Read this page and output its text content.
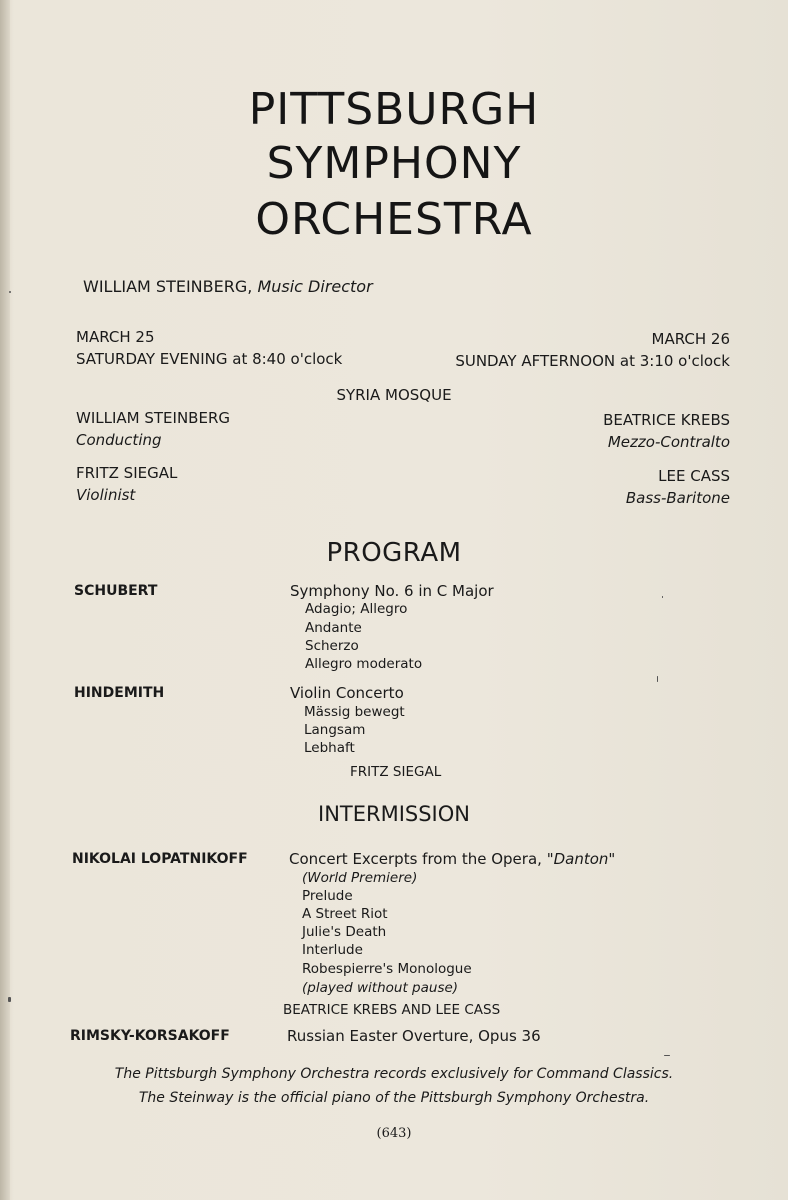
PITTSBURGH
SYMPHONY
ORCHESTRA
WILLIAM STEINBERG, Music Director
MARCH 25
SATURDAY EVENING at 8:40 o'clock
MARCH 26
SUNDAY AFTERNOON at 3:10 o'clock
SYRIA MOSQUE
WILLIAM STEINBERG
Conducting
FRITZ SIEGAL
Violinist
BEATRICE KREBS
Mezzo-Contralto
LEE CASS
Bass-Baritone
PROGRAM
SCHUBERT	Symphony No. 6 in C Major
Adagio; Allegro
Andante
Scherzo
Allegro moderato
HINDEMITH	Violin Concerto
Mässig bewegt
Langsam
Lebhaft
FRITZ SIEGAL
INTERMISSION
NIKOLAI LOPATNIKOFF	Concert Excerpts from the Opera, "Danton"
(World Premiere)
Prelude
A Street Riot
Julie's Death
Interlude
Robespierre's Monologue
(played without pause)
BEATRICE KREBS AND LEE CASS
RIMSKY-KORSAKOFF	Russian Easter Overture, Opus 36
The Pittsburgh Symphony Orchestra records exclusively for Command Classics.
The Steinway is the official piano of the Pittsburgh Symphony Orchestra.
(643)
